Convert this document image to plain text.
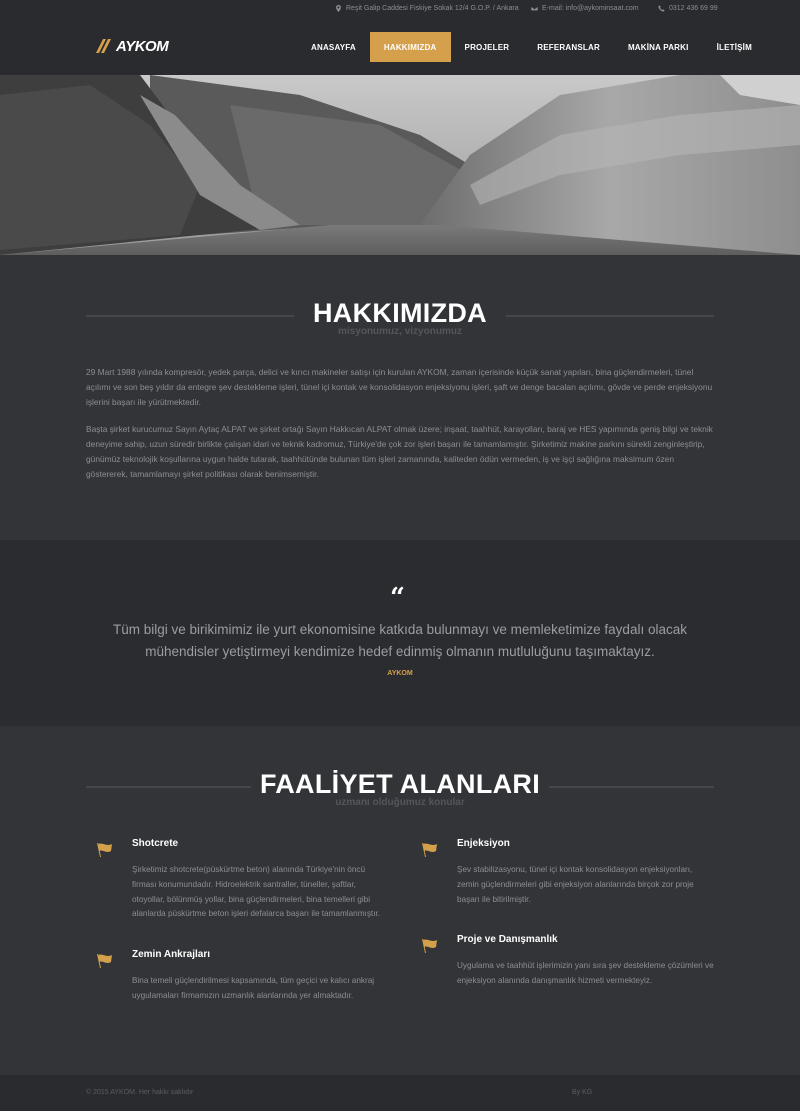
Reşit Galip Caddesi Fiskiye Sokak 12/4 G.O.P. / Ankara	E-mail: info@aykominsaat.com	0312 436 69 99
AYKOM	ANASAYFA	HAKKIMIZDA	PROJELER	REFERANSLAR	MAKİNA PARKI	İLETİŞİM
HAKKIMIZDA
misyonumuz, vizyonumuz

29 Mart 1988 yılında kompresör, yedek parça, delici ve kırıcı makineler satışı için kurulan AYKOM, zaman içerisinde küçük sanat yapıları, bina güçlendirmeleri, tünel açılımı ve son beş yıldır da entegre şev destekleme işleri, tünel içi kontak ve konsolidasyon enjeksiyonu işleri, şaft ve denge bacaları açılımı, gövde ve perde enjeksiyonu işlerini başarı ile yürütmektedir.

Başta şirket kurucumuz Sayın Aytaç ALPAT ve şirket ortağı Sayın Hakkıcan ALPAT olmak üzere; inşaat, taahhüt, karayolları, baraj ve HES yapımında geniş bilgi ve teknik deneyime sahip, uzun süredir birlikte çalışan idari ve teknik kadromuz, Türkiye'de çok zor işleri başarı ile tamamlamıştır. Şirketimiz makine parkını sürekli zenginleştirip, günümüz teknolojik koşullarına uygun halde tutarak, taahhütünde bulunan tüm işleri zamanında, kaliteden ödün vermeden, iş ve işçi sağlığına maksimum özen göstererek, tamamlamayı şirket politikası olarak benimsemiştir.

“
Tüm bilgi ve birikimimiz ile yurt ekonomisine katkıda bulunmayı ve memleketimize faydalı olacak mühendisler yetiştirmeyi kendimize hedef edinmiş olmanın mutluluğunu taşımaktayız.
AYKOM
FAALİYET ALANLARI
uzmanı olduğumuz konular
Shotcrete

Şirketimiz shotcrete(püskürtme beton) alanında Türkiye'nin öncü firması konumundadır. Hidroelektrik santraller, tüneller, şaftlar, otoyollar, bölünmüş yollar, bina güçlendirmeleri, bina temelleri gibi alanlarda püskürtme beton işleri defalarca başarı ile tamamlanmıştır.

Enjeksiyon

Şev stabilizasyonu, tünel içi kontak konsolidasyon enjeksiyonları, zemin güçlendirmeleri gibi enjeksiyon alanlarında birçok zor proje başarı ile bitirilmiştir.

Zemin Ankrajları

Bina temeli güçlendirilmesi kapsamında, tüm geçici ve kalıcı ankraj uygulamaları firmamızın uzmanlık alanlarında yer almaktadır.

Proje ve Danışmanlık

Uygulama ve taahhüt işlerimizin yanı sıra şev destekleme çözümleri ve enjeksiyon alanında danışmanlık hizmeti vermekteyiz.

© 2015 AYKOM. Her hakkı saklıdır	By KG
